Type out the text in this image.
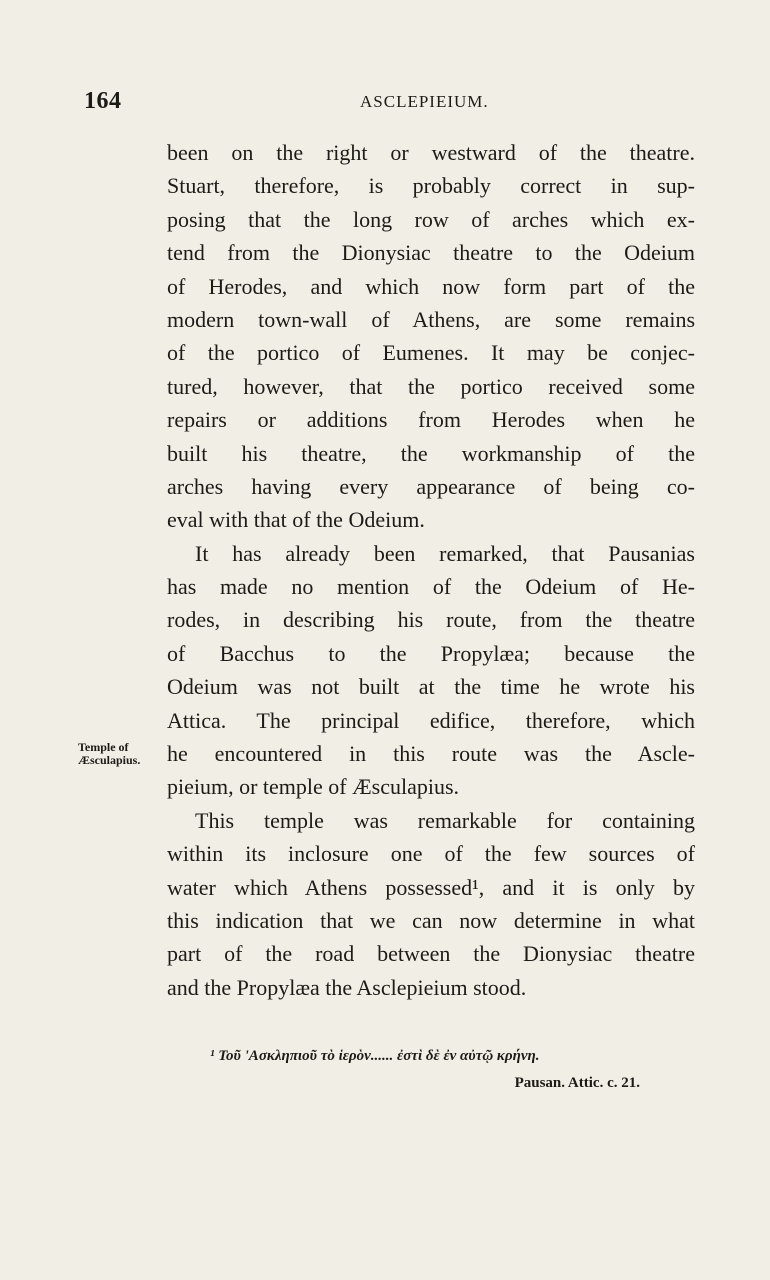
164	ASCLEPIEIUM.
been on the right or westward of the theatre.
Stuart, therefore, is probably correct in sup-
posing that the long row of arches which ex-
tend from the Dionysiac theatre to the Odeium
of Herodes, and which now form part of the
modern town-wall of Athens, are some remains
of the portico of Eumenes. It may be conjec-
tured, however, that the portico received some
repairs or additions from Herodes when he
built his theatre, the workmanship of the
arches having every appearance of being co-
eval with that of the Odeium.
It has already been remarked, that Pausanias
has made no mention of the Odeium of He-
rodes, in describing his route, from the theatre
of Bacchus to the Propylæa; because the
Odeium was not built at the time he wrote his
Attica. The principal edifice, therefore, which
he encountered in this route was the Ascle-
pieium, or temple of Æsculapius.
This temple was remarkable for containing
within its inclosure one of the few sources of
water which Athens possessed¹, and it is only by
this indication that we can now determine in what
part of the road between the Dionysiac theatre
and the Propylæa the Asclepieium stood.
Temple of
Æsculapius.
¹ Τοῦ 'Ασκληπιοῦ τὸ ἱερὸν...... ἐστὶ δὲ ἐν αὐτῷ κρήνη.
Pausan. Attic. c. 21.
